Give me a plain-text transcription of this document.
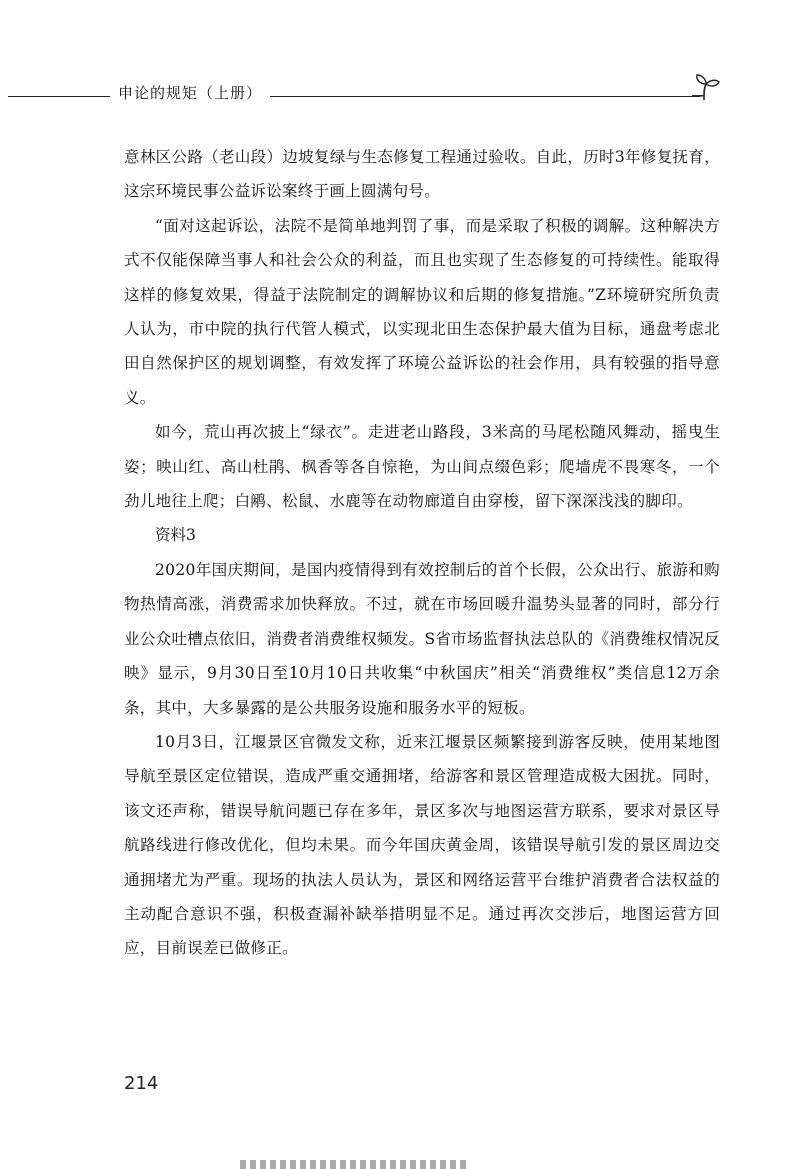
申论的规矩（上册）

意林区公路（老山段）边坡复绿与生态修复工程通过验收。自此，历时3年修复抚育，这宗环境民事公益诉讼案终于画上圆满句号。

“面对这起诉讼，法院不是简单地判罚了事，而是采取了积极的调解。这种解决方式不仅能保障当事人和社会公众的利益，而且也实现了生态修复的可持续性。能取得这样的修复效果，得益于法院制定的调解协议和后期的修复措施。”Z环境研究所负责人认为，市中院的执行代管人模式，以实现北田生态保护最大值为目标，通盘考虑北田自然保护区的规划调整，有效发挥了环境公益诉讼的社会作用，具有较强的指导意义。

如今，荒山再次披上“绿衣”。走进老山路段，3米高的马尾松随风舞动，摇曳生姿；映山红、高山杜鹃、枫香等各自惊艳，为山间点缀色彩；爬墙虎不畏寒冬，一个劲儿地往上爬；白鹇、松鼠、水鹿等在动物廊道自由穿梭，留下深深浅浅的脚印。

资料3

2020年国庆期间，是国内疫情得到有效控制后的首个长假，公众出行、旅游和购物热情高涨，消费需求加快释放。不过，就在市场回暖升温势头显著的同时，部分行业公众吐槽点依旧，消费者消费维权频发。S省市场监督执法总队的《消费维权情况反映》显示，9月30日至10月10日共收集“中秋国庆”相关“消费维权”类信息12万余条，其中，大多暴露的是公共服务设施和服务水平的短板。

10月3日，江堰景区官微发文称，近来江堰景区频繁接到游客反映，使用某地图导航至景区定位错误，造成严重交通拥堵，给游客和景区管理造成极大困扰。同时，该文还声称，错误导航问题已存在多年，景区多次与地图运营方联系，要求对景区导航路线进行修改优化，但均未果。而今年国庆黄金周，该错误导航引发的景区周边交通拥堵尤为严重。现场的执法人员认为，景区和网络运营平台维护消费者合法权益的主动配合意识不强，积极查漏补缺举措明显不足。通过再次交涉后，地图运营方回应，目前误差已做修正。

214
